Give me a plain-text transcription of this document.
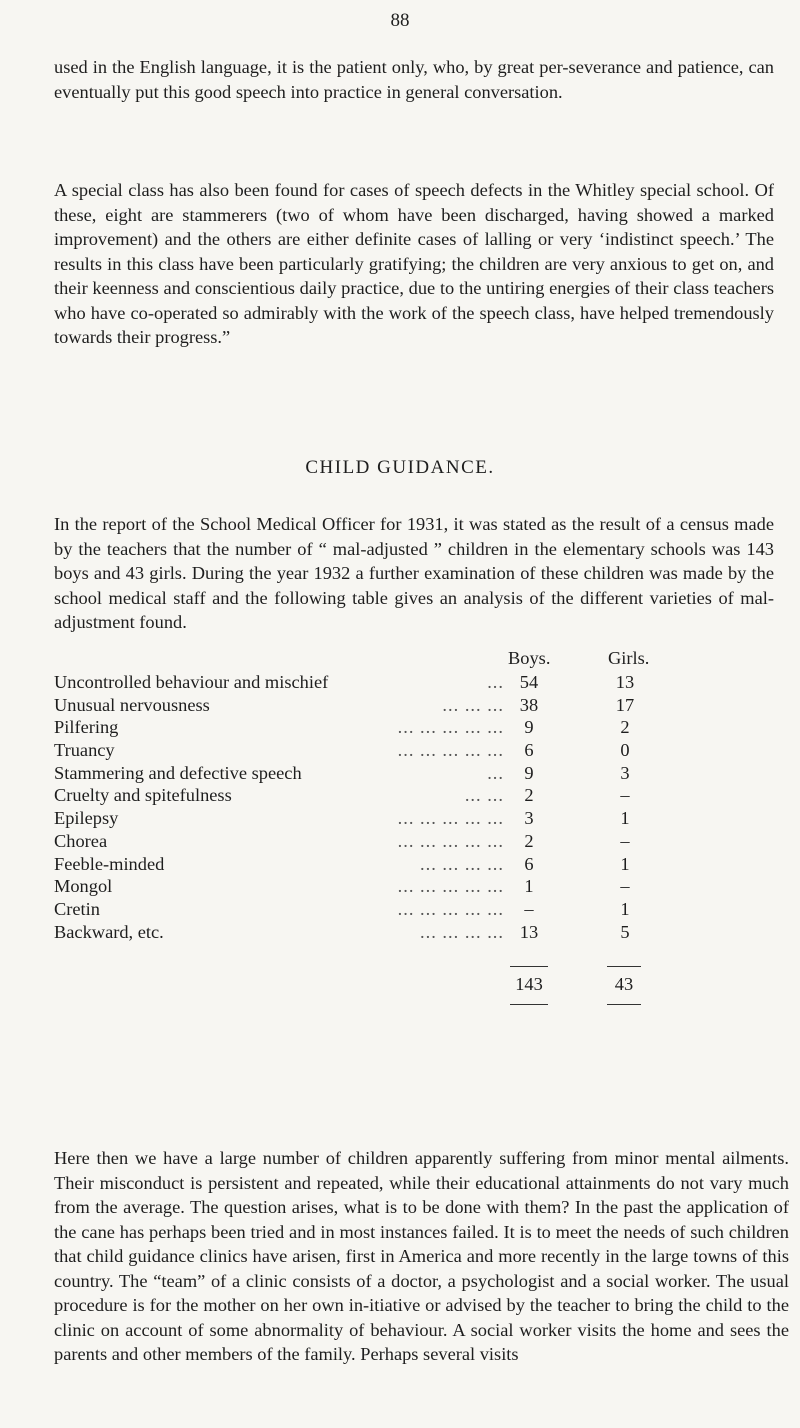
88

used in the English language, it is the patient only, who, by great per-severance and patience, can eventually put this good speech into practice in general conversation.

A special class has also been found for cases of speech defects in the Whitley special school. Of these, eight are stammerers (two of whom have been discharged, having showed a marked improvement) and the others are either definite cases of lalling or very ‘indistinct speech.’ The results in this class have been particularly gratifying; the children are very anxious to get on, and their keenness and conscientious daily practice, due to the untiring energies of their class teachers who have co-operated so admirably with the work of the speech class, have helped tremendously towards their progress.”

CHILD GUIDANCE.

In the report of the School Medical Officer for 1931, it was stated as the result of a census made by the teachers that the number of “ mal-adjusted ” children in the elementary schools was 143 boys and 43 girls. During the year 1932 a further examination of these children was made by the school medical staff and the following table gives an analysis of the different varieties of mal-adjustment found.

Boys.	Girls.
Uncontrolled behaviour and mischief	... 54	13
Unusual nervousness	... ... ... 38	17
Pilfering	... ... ... ... ...	9	2
Truancy	... ... ... ... ...	6	0
Stammering and defective speech	...	9	3
Cruelty and spitefulness	... ...	2	–
Epilepsy	... ... ... ... ...	3	1
Chorea	... ... ... ... ...	2	–
Feeble-minded	... ... ... ...	6	1
Mongol	... ... ... ... ...	1	–
Cretin	... ... ... ... ...	–	1
Backward, etc.	... ... ... ... 13	5
143	43

Here then we have a large number of children apparently suffering from minor mental ailments. Their misconduct is persistent and repeated, while their educational attainments do not vary much from the average. The question arises, what is to be done with them? In the past the application of the cane has perhaps been tried and in most instances failed. It is to meet the needs of such children that child guidance clinics have arisen, first in America and more recently in the large towns of this country. The “team” of a clinic consists of a doctor, a psychologist and a social worker. The usual procedure is for the mother on her own in-itiative or advised by the teacher to bring the child to the clinic on account of some abnormality of behaviour. A social worker visits the home and sees the parents and other members of the family. Perhaps several visits
